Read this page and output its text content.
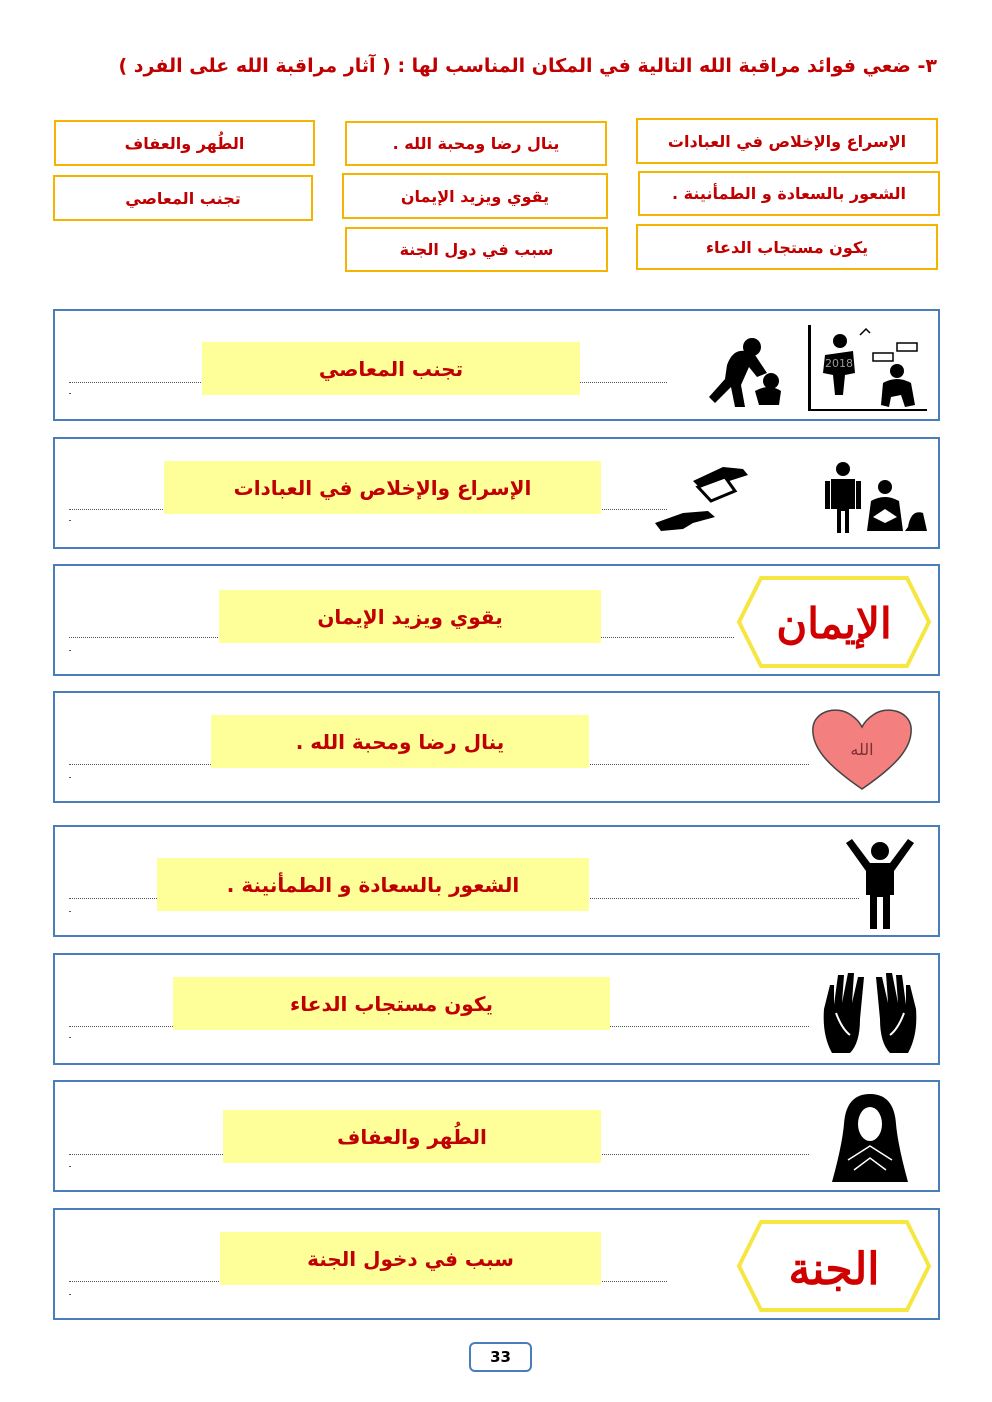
٣- ضعي فوائد مراقبة الله التالية في المكان المناسب لها : ( آثار مراقبة الله على الفرد )
الإسراع والإخلاص في العبادات
الشعور بالسعادة و الطمأنينة .
يكون مستجاب الدعاء
ينال رضا ومحبة الله .
يقوي ويزيد الإيمان
سبب في دول الجنة
الطُهر والعفاف
تجنب المعاصي
تجنب المعاصي	2018
الإسراع والإخلاص في العبادات
يقوي ويزيد الإيمان	الإيمان
ينال رضا ومحبة الله .	الله
الشعور بالسعادة و الطمأنينة .
يكون مستجاب الدعاء
الطُهر والعفاف
سبب في دخول الجنة	الجنة
33
